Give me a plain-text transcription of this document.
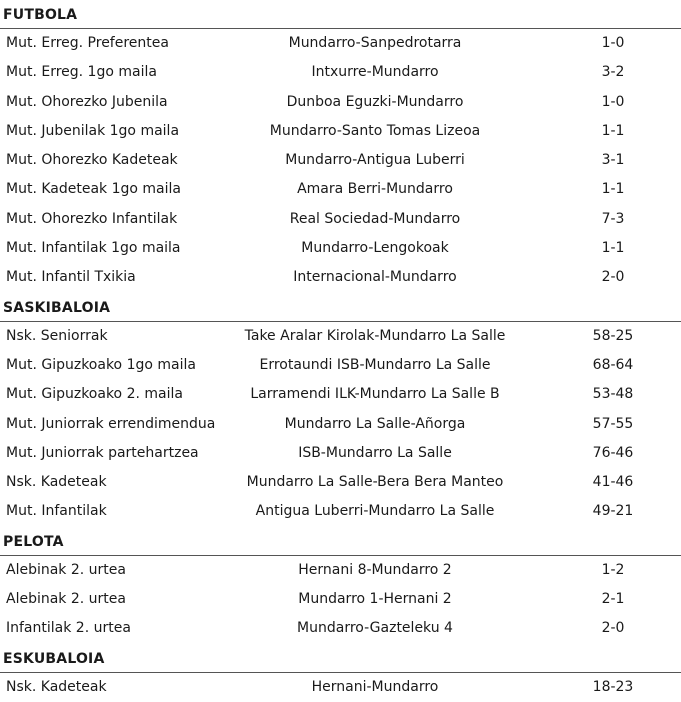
FUTBOLA
Mut. Erreg. Preferentea	Mundarro-Sanpedrotarra	1-0
Mut. Erreg. 1go maila	Intxurre-Mundarro	3-2
Mut. Ohorezko Jubenila	Dunboa Eguzki-Mundarro	1-0
Mut. Jubenilak 1go maila	Mundarro-Santo Tomas Lizeoa	1-1
Mut. Ohorezko Kadeteak	Mundarro-Antigua Luberri	3-1
Mut. Kadeteak 1go maila	Amara Berri-Mundarro	1-1
Mut. Ohorezko Infantilak	Real Sociedad-Mundarro	7-3
Mut. Infantilak 1go maila	Mundarro-Lengokoak	1-1
Mut. Infantil Txikia	Internacional-Mundarro	2-0
SASKIBALOIA
Nsk. Seniorrak	Take Aralar Kirolak-Mundarro La Salle	58-25
Mut. Gipuzkoako 1go maila	Errotaundi ISB-Mundarro La Salle	68-64
Mut. Gipuzkoako 2. maila	Larramendi ILK-Mundarro La Salle B	53-48
Mut. Juniorrak errendimendua	Mundarro La Salle-Añorga	57-55
Mut. Juniorrak partehartzea	ISB-Mundarro La Salle	76-46
Nsk. Kadeteak	Mundarro La Salle-Bera Bera Manteo	41-46
Mut. Infantilak	Antigua Luberri-Mundarro La Salle	49-21
PELOTA
Alebinak 2. urtea	Hernani 8-Mundarro 2	1-2
Alebinak 2. urtea	Mundarro 1-Hernani 2	2-1
Infantilak 2. urtea	Mundarro-Gazteleku 4	2-0
ESKUBALOIA
Nsk. Kadeteak	Hernani-Mundarro	18-23
